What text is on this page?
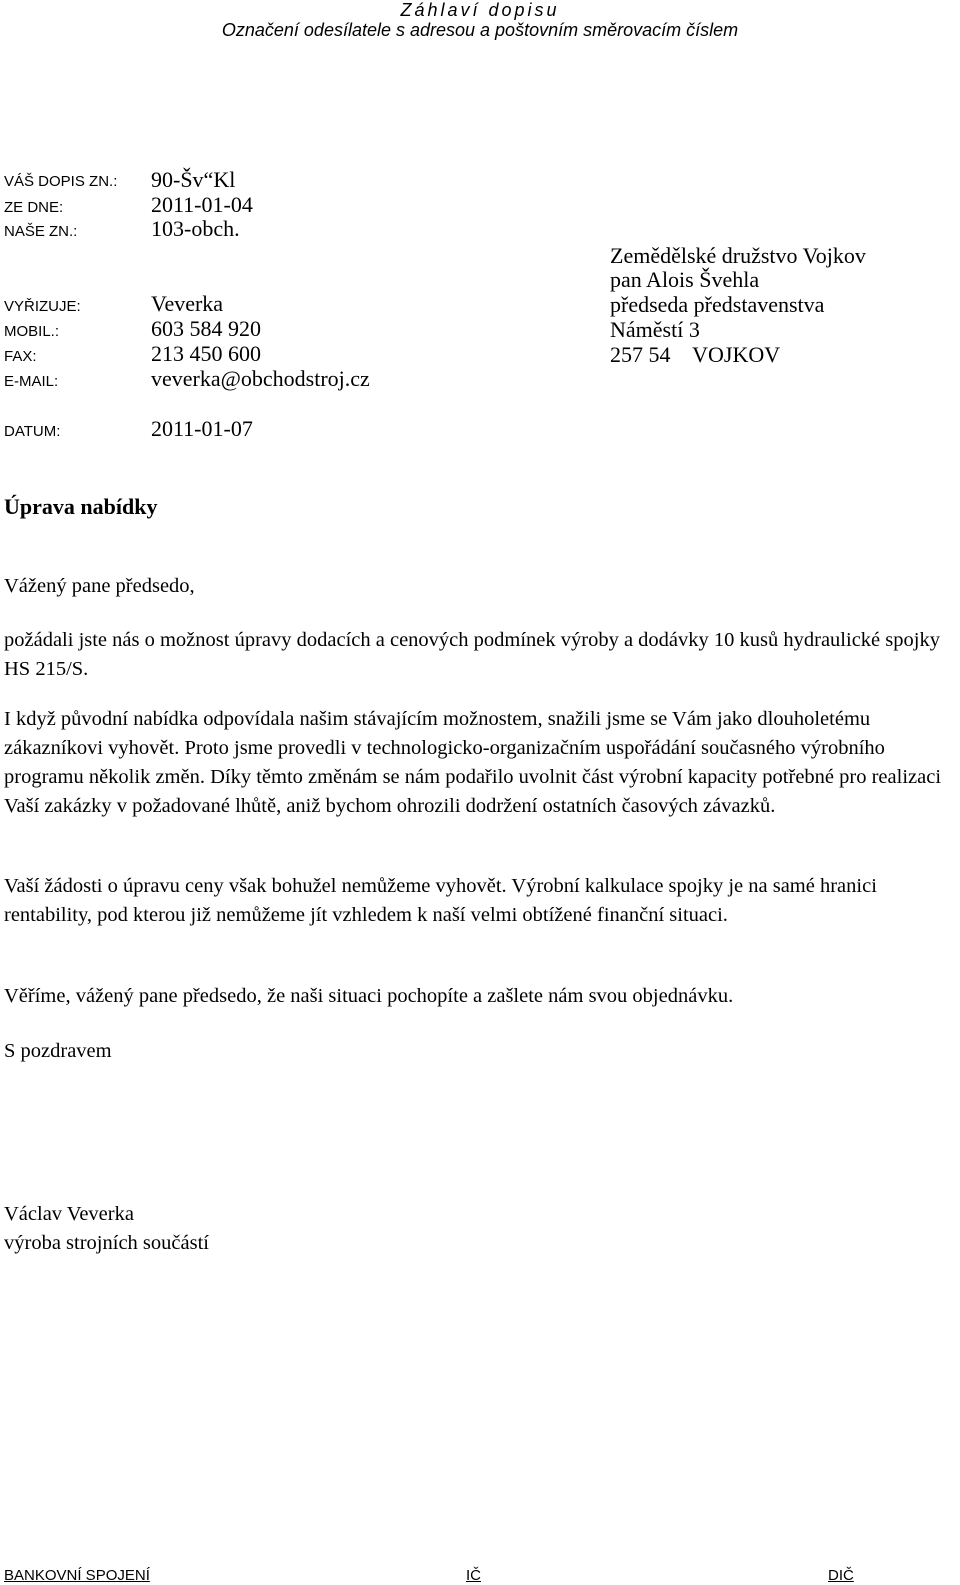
Záhlaví dopisu
Označení odesílatele s adresou a poštovním směrovacím číslem
VÁŠ DOPIS ZN.: 90-Šv“Kl
ZE DNE:	2011-01-04
NAŠE ZN.:	103-obch.
VYŘIZUJE:	Veverka
MOBIL.:	603 584 920
FAX:	213 450 600
E-MAIL:	veverka@obchodstroj.cz
DATUM:	2011-01-07
Zemědělské družstvo Vojkov
pan Alois Švehla
předseda představenstva
Náměstí 3
257 54    VOJKOV
Úprava nabídky
Vážený pane předsedo,
požádali jste nás o možnost úpravy dodacích a cenových podmínek výroby a dodávky 10 kusů hydraulické spojky HS 215/S.
I když původní nabídka odpovídala našim stávajícím možnostem, snažili jsme se Vám jako dlouholetému zákazníkovi vyhovět. Proto jsme provedli v technologicko-organizačním uspořádání současného výrobního programu několik změn. Díky těmto změnám se nám podařilo uvolnit část výrobní kapacity potřebné pro realizaci Vaší zakázky v požadované lhůtě, aniž bychom ohrozili dodržení ostatních časových závazků.
Vaší žádosti o úpravu ceny však bohužel nemůžeme vyhovět. Výrobní kalkulace spojky je na samé hranici rentability, pod kterou již nemůžeme jít vzhledem k naší velmi obtížené finanční situaci.
Věříme, vážený pane předsedo, že naši situaci pochopíte a zašlete nám svou objednávku.
S pozdravem
Václav Veverka
výroba strojních součástí
BANKOVNÍ SPOJENÍ	IČ	DIČ
